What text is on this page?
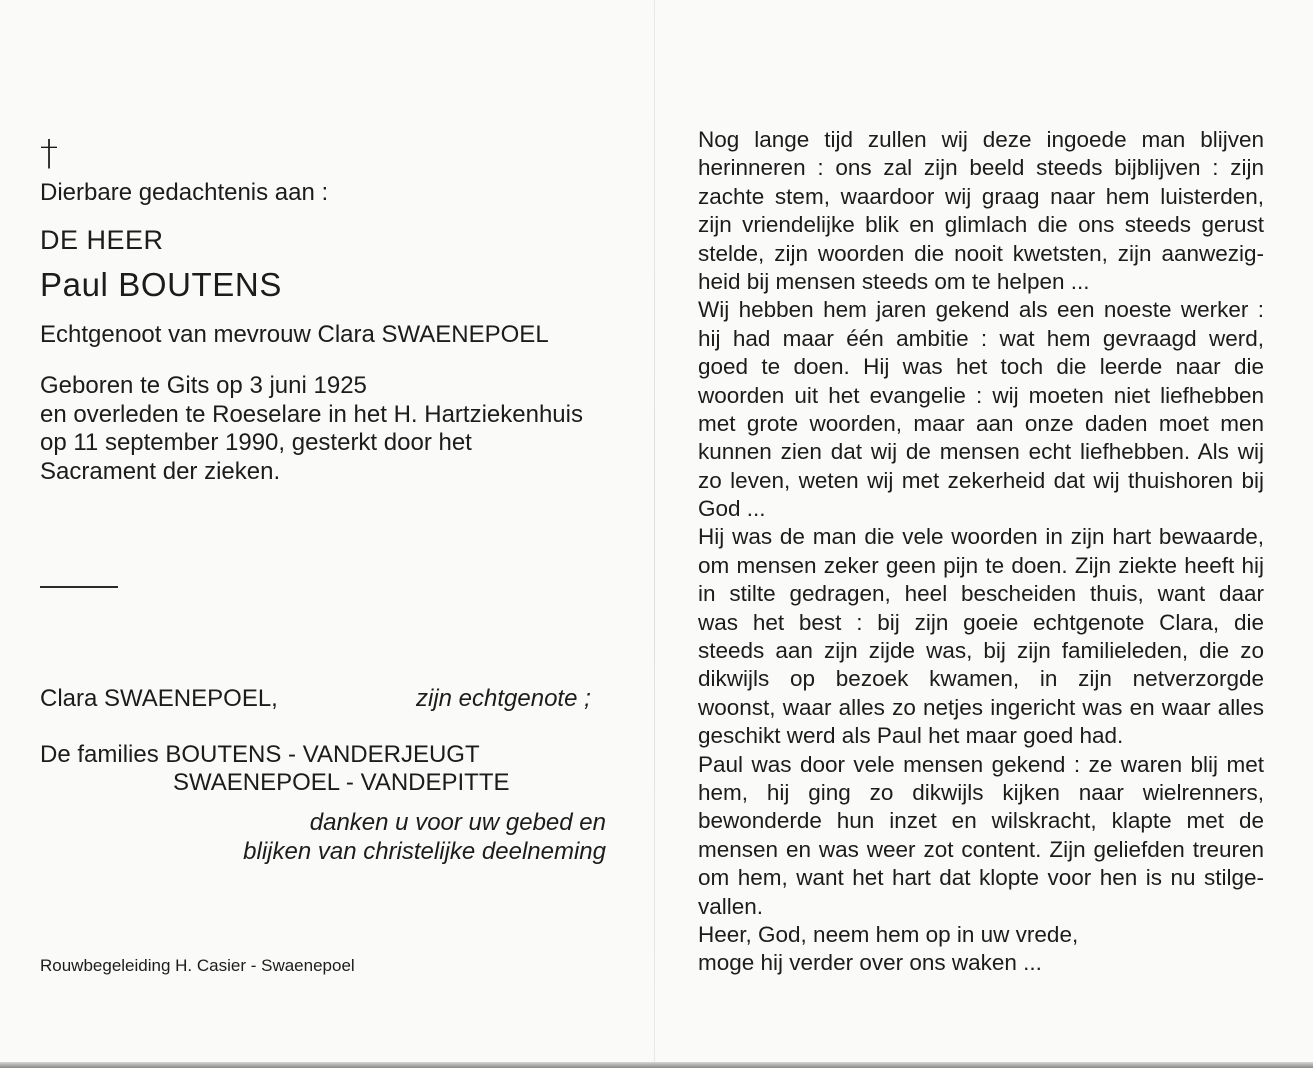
†
Dierbare gedachtenis aan :
DE HEER
Paul BOUTENS
Echtgenoot van mevrouw Clara SWAENEPOEL
Geboren te Gits op 3 juni 1925
en overleden te Roeselare in het H. Hartziekenhuis
op 11 september 1990, gesterkt door het
Sacrament der zieken.
Clara SWAENEPOEL,	zijn echtgenote ;
De families BOUTENS - VANDERJEUGT
SWAENEPOEL - VANDEPITTE
danken u voor uw gebed en
blijken van christelijke deelneming
Rouwbegeleiding H. Casier - Swaenepoel
Nog lange tijd zullen wij deze ingoede man blijven
herinneren : ons zal zijn beeld steeds bijblijven : zijn
zachte stem, waardoor wij graag naar hem luisterden,
zijn vriendelijke blik en glimlach die ons steeds gerust
stelde, zijn woorden die nooit kwetsten, zijn aanwezig-
heid bij mensen steeds om te helpen ...
Wij hebben hem jaren gekend als een noeste werker :
hij had maar één ambitie : wat hem gevraagd werd,
goed te doen. Hij was het toch die leerde naar die
woorden uit het evangelie : wij moeten niet liefhebben
met grote woorden, maar aan onze daden moet men
kunnen zien dat wij de mensen echt liefhebben. Als wij
zo leven, weten wij met zekerheid dat wij thuishoren bij
God ...
Hij was de man die vele woorden in zijn hart bewaarde,
om mensen zeker geen pijn te doen. Zijn ziekte heeft hij
in stilte gedragen, heel bescheiden thuis, want daar
was het best : bij zijn goeie echtgenote Clara, die
steeds aan zijn zijde was, bij zijn familieleden, die zo
dikwijls op bezoek kwamen, in zijn netverzorgde
woonst, waar alles zo netjes ingericht was en waar alles
geschikt werd als Paul het maar goed had.
Paul was door vele mensen gekend : ze waren blij met
hem, hij ging zo dikwijls kijken naar wielrenners,
bewonderde hun inzet en wilskracht, klapte met de
mensen en was weer zot content. Zijn geliefden treuren
om hem, want het hart dat klopte voor hen is nu stilge-
vallen.
Heer, God, neem hem op in uw vrede,
moge hij verder over ons waken ...
